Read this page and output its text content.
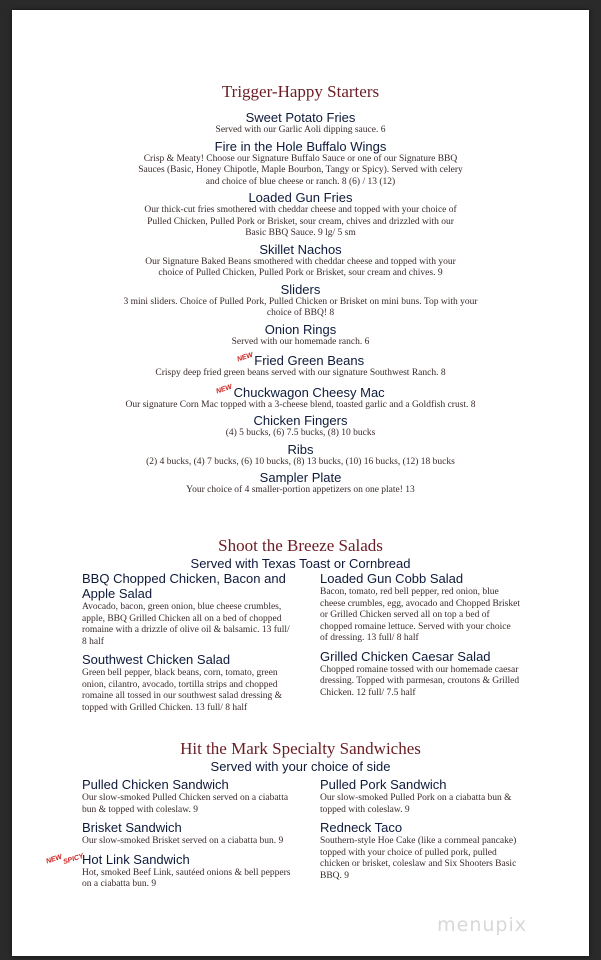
Trigger-Happy Starters

Sweet Potato Fries

Served with our Garlic Aoli dipping sauce. 6

Fire in the Hole Buffalo Wings

Crisp & Meaty! Choose our Signature Buffalo Sauce or one of our Signature BBQ Sauces (Basic, Honey Chipotle, Maple Bourbon, Tangy or Spicy). Served with celery and choice of blue cheese or ranch. 8 (6) / 13 (12)

Loaded Gun Fries

Our thick-cut fries smothered with cheddar cheese and topped with your choice of Pulled Chicken, Pulled Pork or Brisket, sour cream, chives and drizzled with our Basic BBQ Sauce. 9 lg/ 5 sm

Skillet Nachos

Our Signature Baked Beans smothered with cheddar cheese and topped with your choice of Pulled Chicken, Pulled Pork or Brisket, sour cream and chives. 9

Sliders

3 mini sliders. Choice of Pulled Pork, Pulled Chicken or Brisket on mini buns. Top with your choice of BBQ! 8

Onion Rings

Served with our homemade ranch. 6

NEWFried Green Beans

Crispy deep fried green beans served with our signature Southwest Ranch. 8

NEWChuckwagon Cheesy Mac

Our signature Corn Mac topped with a 3-cheese blend, toasted garlic and a Goldfish crust. 8

Chicken Fingers

(4) 5 bucks, (6) 7.5 bucks, (8) 10 bucks

Ribs

(2) 4 bucks, (4) 7 bucks, (6) 10 bucks, (8) 13 bucks, (10) 16 bucks, (12) 18 bucks

Sampler Plate

Your choice of 4 smaller-portion appetizers on one plate! 13

Shoot the Breeze Salads

Served with Texas Toast or Cornbread

BBQ Chopped Chicken, Bacon and Apple Salad

Avocado, bacon, green onion, blue cheese crumbles, apple, BBQ Grilled Chicken all on a bed of chopped romaine with a drizzle of olive oil & balsamic. 13 full/ 8 half

Southwest Chicken Salad

Green bell pepper, black beans, corn, tomato, green onion, cilantro, avocado, tortilla strips and chopped romaine all tossed in our southwest salad dressing & topped with Grilled Chicken. 13 full/ 8 half

Loaded Gun Cobb Salad

Bacon, tomato, red bell pepper, red onion, blue cheese crumbles, egg, avocado and Chopped Brisket or Grilled Chicken served all on top a bed of chopped romaine lettuce. Served with your choice of dressing. 13 full/ 8 half

Grilled Chicken Caesar Salad

Chopped romaine tossed with our homemade caesar dressing. Topped with parmesan, croutons & Grilled Chicken. 12 full/ 7.5 half

Hit the Mark Specialty Sandwiches

Served with your choice of side

Pulled Chicken Sandwich

Our slow-smoked Pulled Chicken served on a ciabatta bun & topped with coleslaw. 9

Brisket Sandwich

Our slow-smoked Brisket served on a ciabatta bun. 9

NEWSPICY

Hot Link Sandwich

Hot, smoked Beef Link, sautéed onions & bell peppers on a ciabatta bun. 9

Pulled Pork Sandwich

Our slow-smoked Pulled Pork on a ciabatta bun & topped with coleslaw. 9

Redneck Taco

Southern-style Hoe Cake (like a cornmeal pancake) topped with your choice of pulled pork, pulled chicken or brisket, coleslaw and Six Shooters Basic BBQ. 9

menupix
